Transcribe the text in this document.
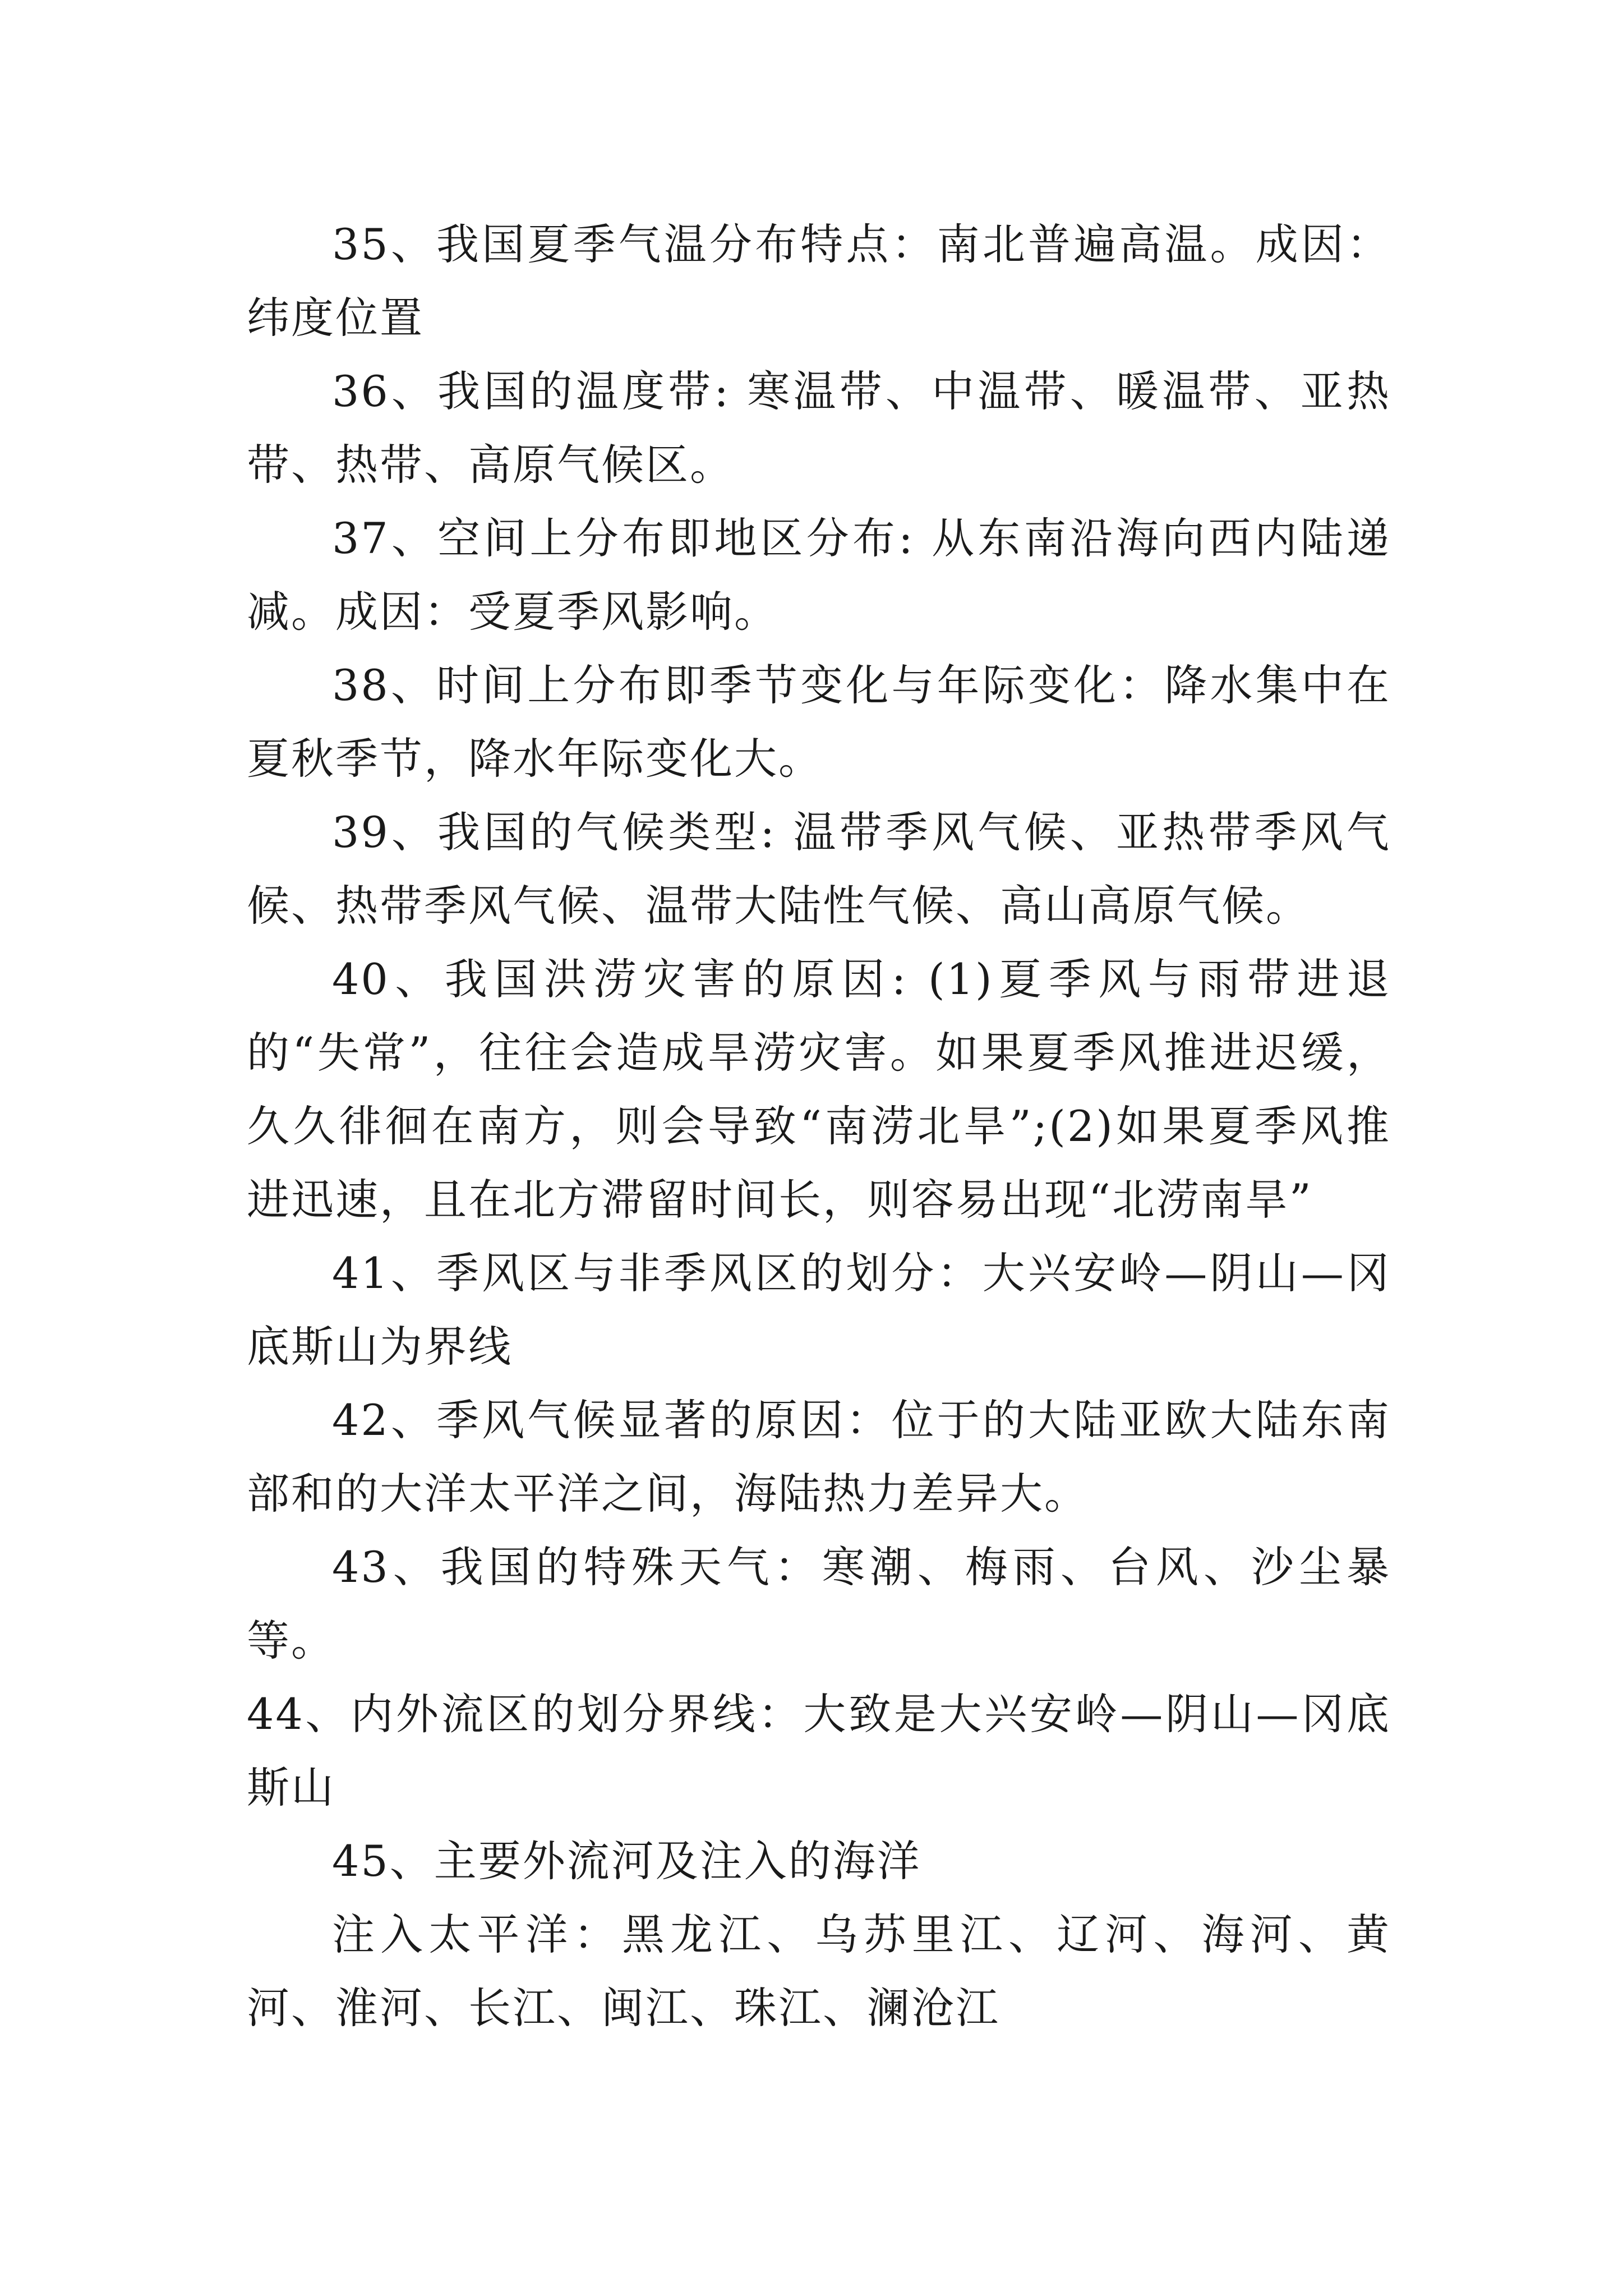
35、我国夏季气温分布特点：南北普遍高温。成因：纬度位置

36、我国的温度带: 寒温带、中温带、暖温带、亚热带、热带、高原气候区。

37、空间上分布即地区分布: 从东南沿海向西内陆递减。成因：受夏季风影响。

38、时间上分布即季节变化与年际变化：降水集中在夏秋季节，降水年际变化大。

39、我国的气候类型: 温带季风气候、亚热带季风气候、热带季风气候、温带大陆性气候、高山高原气候。

40、我国洪涝灾害的原因: (1)夏季风与雨带进退的“失常”，往往会造成旱涝灾害。如果夏季风推进迟缓，久久徘徊在南方，则会导致“南涝北旱”;(2)如果夏季风推进迅速，且在北方滞留时间长，则容易出现“北涝南旱”

41、季风区与非季风区的划分：大兴安岭—阴山—冈底斯山为界线

42、季风气候显著的原因：位于的大陆亚欧大陆东南部和的大洋太平洋之间，海陆热力差异大。

43、我国的特殊天气：寒潮、梅雨、台风、沙尘暴等。

44、内外流区的划分界线：大致是大兴安岭—阴山—冈底斯山

45、主要外流河及注入的海洋

注入太平洋：黑龙江、乌苏里江、辽河、海河、黄河、淮河、长江、闽江、珠江、澜沧江
